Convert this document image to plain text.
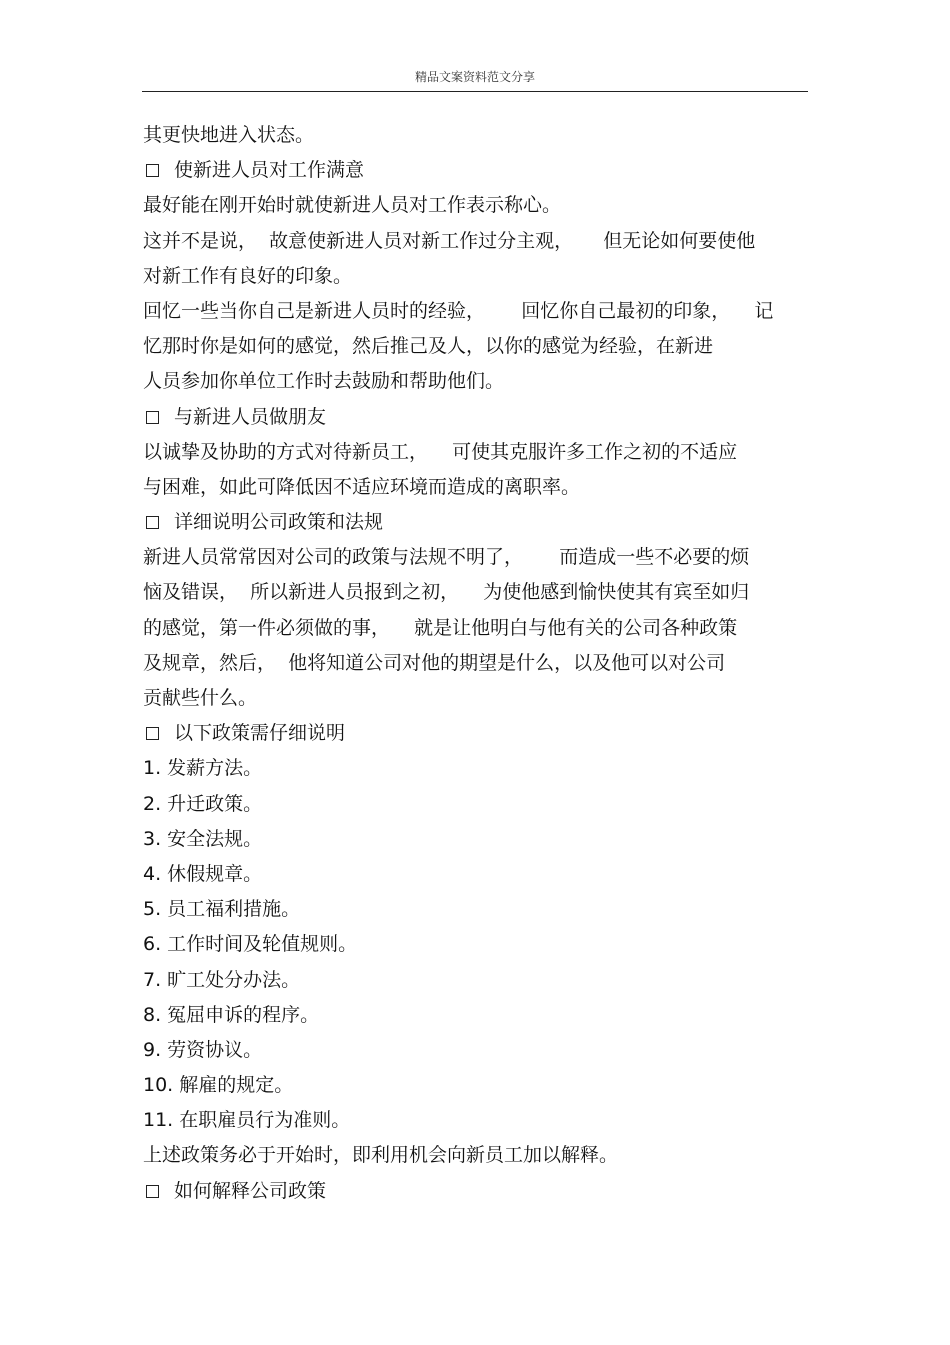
精品文案资料范文分享
其更快地进入状态。
使新进人员对工作满意
最好能在刚开始时就使新进人员对工作表示称心。
这并不是说，  故意使新进人员对新工作过分主观，     但无论如何要使他
对新工作有良好的印象。
回忆一些当你自己是新进人员时的经验，      回忆你自己最初的印象，    记
忆那时你是如何的感觉，然后推己及人，以你的感觉为经验，在新进
人员参加你单位工作时去鼓励和帮助他们。
与新进人员做朋友
以诚挚及协助的方式对待新员工，    可使其克服许多工作之初的不适应
与困难，如此可降低因不适应环境而造成的离职率。
详细说明公司政策和法规
新进人员常常因对公司的政策与法规不明了，      而造成一些不必要的烦
恼及错误，  所以新进人员报到之初，    为使他感到愉快使其有宾至如归
的感觉，第一件必须做的事，    就是让他明白与他有关的公司各种政策
及规章，然后，  他将知道公司对他的期望是什么，以及他可以对公司
贡献些什么。
以下政策需仔细说明
1. 发薪方法。
2. 升迁政策。
3. 安全法规。
4. 休假规章。
5. 员工福利措施。
6. 工作时间及轮值规则。
7. 旷工处分办法。
8. 冤屈申诉的程序。
9. 劳资协议。
10. 解雇的规定。
11. 在职雇员行为准则。
上述政策务必于开始时，即利用机会向新员工加以解释。
如何解释公司政策
